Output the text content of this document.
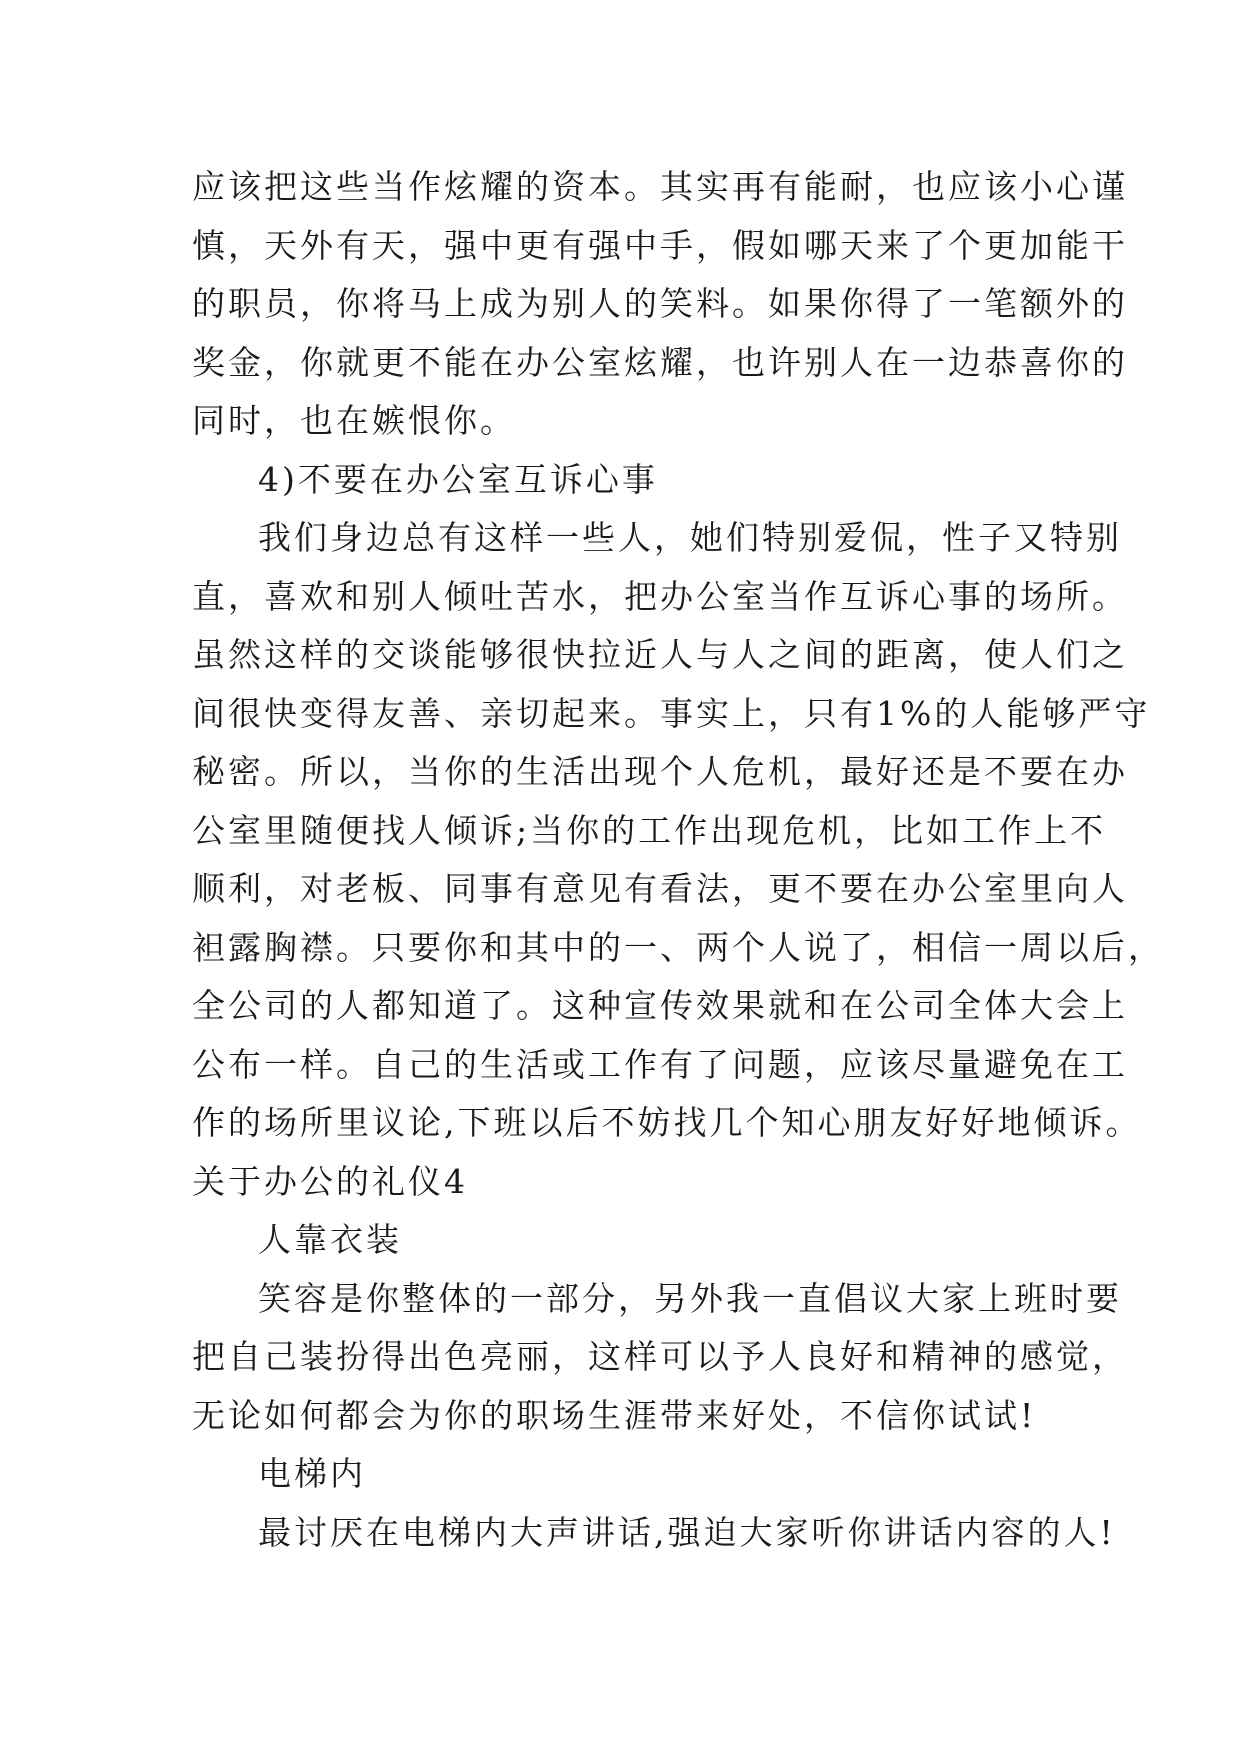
应该把这些当作炫耀的资本。其实再有能耐，也应该小心谨
慎，天外有天，强中更有强中手，假如哪天来了个更加能干
的职员，你将马上成为别人的笑料。如果你得了一笔额外的
奖金，你就更不能在办公室炫耀，也许别人在一边恭喜你的
同时，也在嫉恨你。
4)不要在办公室互诉心事
我们身边总有这样一些人，她们特别爱侃，性子又特别
直，喜欢和别人倾吐苦水，把办公室当作互诉心事的场所。
虽然这样的交谈能够很快拉近人与人之间的距离，使人们之
间很快变得友善、亲切起来。事实上，只有1%的人能够严守
秘密。所以，当你的生活出现个人危机，最好还是不要在办
公室里随便找人倾诉;当你的工作出现危机，比如工作上不
顺利，对老板、同事有意见有看法，更不要在办公室里向人
袒露胸襟。只要你和其中的一、两个人说了，相信一周以后，
全公司的人都知道了。这种宣传效果就和在公司全体大会上
公布一样。自己的生活或工作有了问题，应该尽量避免在工
作的场所里议论,下班以后不妨找几个知心朋友好好地倾诉。
关于办公的礼仪4
人靠衣装
笑容是你整体的一部分，另外我一直倡议大家上班时要
把自己装扮得出色亮丽，这样可以予人良好和精神的感觉，
无论如何都会为你的职场生涯带来好处，不信你试试!
电梯内
最讨厌在电梯内大声讲话,强迫大家听你讲话内容的人!
